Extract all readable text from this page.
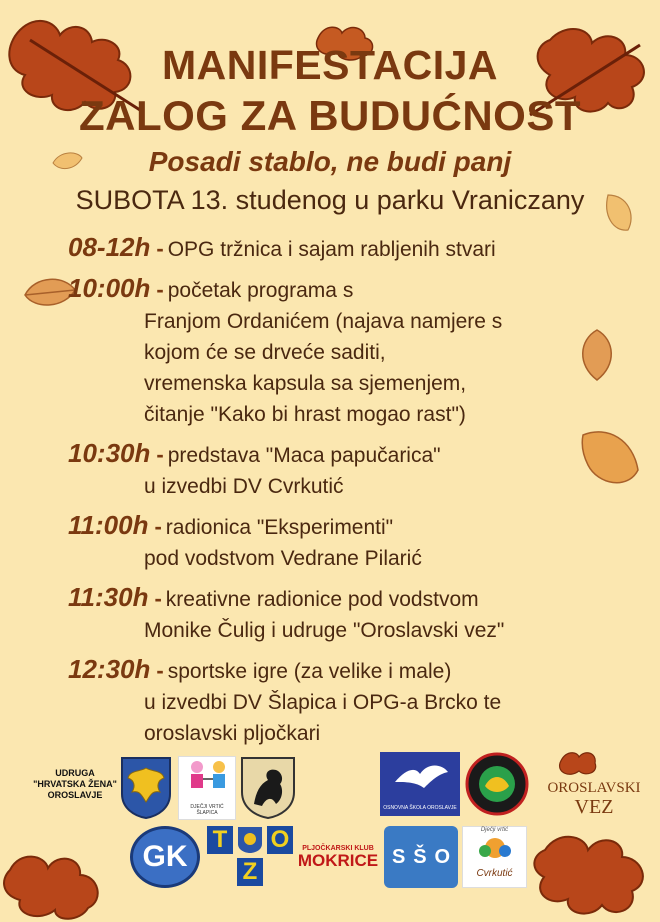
MANIFESTACIJA
ZALOG ZA BUDUĆNOST
Posadi stablo, ne budi panj
SUBOTA 13. studenog u parku Vraniczany
08-12h - OPG tržnica i sajam rabljenih stvari
10:00h - početak programa s
Franjom Ordanićem (najava namjere s
kojom će se drveće saditi,
vremenska kapsula sa sjemenjem,
čitanje "Kako bi hrast mogao rast")
10:30h - predstava "Maca papučarica"
u izvedbi DV Cvrkutić
11:00h - radionica "Eksperimenti"
pod vodstvom Vedrane Pilarić
11:30h - kreativne radionice pod vodstvom
Monike Čulig i udruge "Oroslavski vez"
12:30h - sportske igre (za velike i male)
u izvedbi DV Šlapica i OPG-a Brcko te
oroslavski pljočkari
UDRUGA
"HRVATSKA ŽENA"
OROSLAVJE
DJEČJI VRTIĆ ŠLAPICA
OSNOVNA ŠKOLA OROSLAVJE
OROSLAVSKI
VEZ
GK
T
Z
O	PLJOČKARSKI KLUB
MOKRICE S Š O
Dječji vrtić
Cvrkutić
